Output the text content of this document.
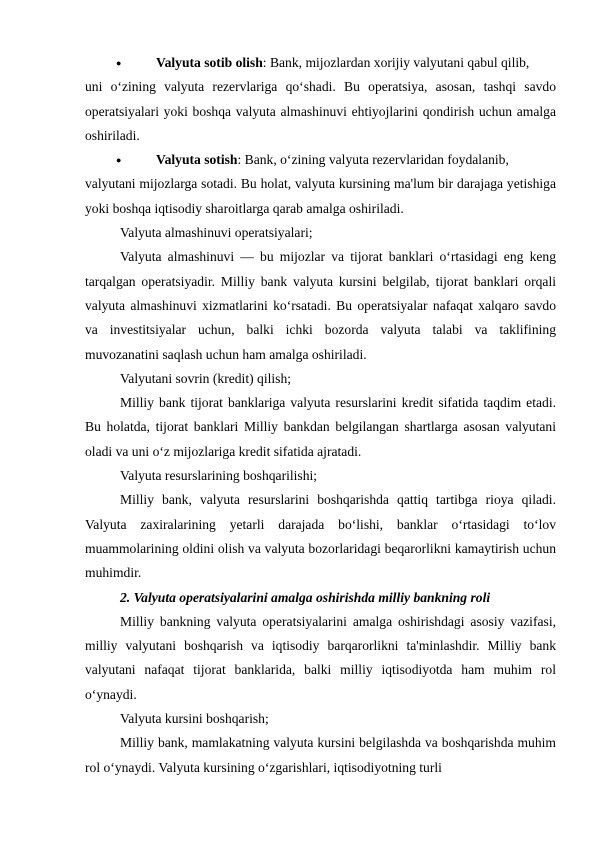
●	Valyuta sotib olish: Bank, mijozlardan xorijiy valyutani qabul qilib,

uni o‘zining valyuta rezervlariga qo‘shadi. Bu operatsiya, asosan, tashqi savdo operatsiyalari yoki boshqa valyuta almashinuvi ehtiyojlarini qondirish uchun amalga oshiriladi.

●	Valyuta sotish: Bank, o‘zining valyuta rezervlaridan foydalanib,

valyutani mijozlarga sotadi. Bu holat, valyuta kursining ma'lum bir darajaga yetishiga yoki boshqa iqtisodiy sharoitlarga qarab amalga oshiriladi.

Valyuta almashinuvi operatsiyalari;

Valyuta almashinuvi — bu mijozlar va tijorat banklari o‘rtasidagi eng keng tarqalgan operatsiyadir. Milliy bank valyuta kursini belgilab, tijorat banklari orqali valyuta almashinuvi xizmatlarini ko‘rsatadi. Bu operatsiyalar nafaqat xalqaro savdo va investitsiyalar uchun, balki ichki bozorda valyuta talabi va taklifining muvozanatini saqlash uchun ham amalga oshiriladi.

Valyutani sovrin (kredit) qilish;

Milliy bank tijorat banklariga valyuta resurslarini kredit sifatida taqdim etadi. Bu holatda, tijorat banklari Milliy bankdan belgilangan shartlarga asosan valyutani oladi va uni o‘z mijozlariga kredit sifatida ajratadi.

Valyuta resurslarining boshqarilishi;

Milliy bank, valyuta resurslarini boshqarishda qattiq tartibga rioya qiladi. Valyuta zaxiralarining yetarli darajada bo‘lishi, banklar o‘rtasidagi to‘lov muammolarining oldini olish va valyuta bozorlaridagi beqarorlikni kamaytirish uchun muhimdir.

2. Valyuta operatsiyalarini amalga oshirishda milliy bankning roli

Milliy bankning valyuta operatsiyalarini amalga oshirishdagi asosiy vazifasi, milliy valyutani boshqarish va iqtisodiy barqarorlikni ta'minlashdir. Milliy bank valyutani nafaqat tijorat banklarida, balki milliy iqtisodiyotda ham muhim rol o‘ynaydi.

Valyuta kursini boshqarish;

Milliy bank, mamlakatning valyuta kursini belgilashda va boshqarishda muhim rol o‘ynaydi. Valyuta kursining o‘zgarishlari, iqtisodiyotning turli
